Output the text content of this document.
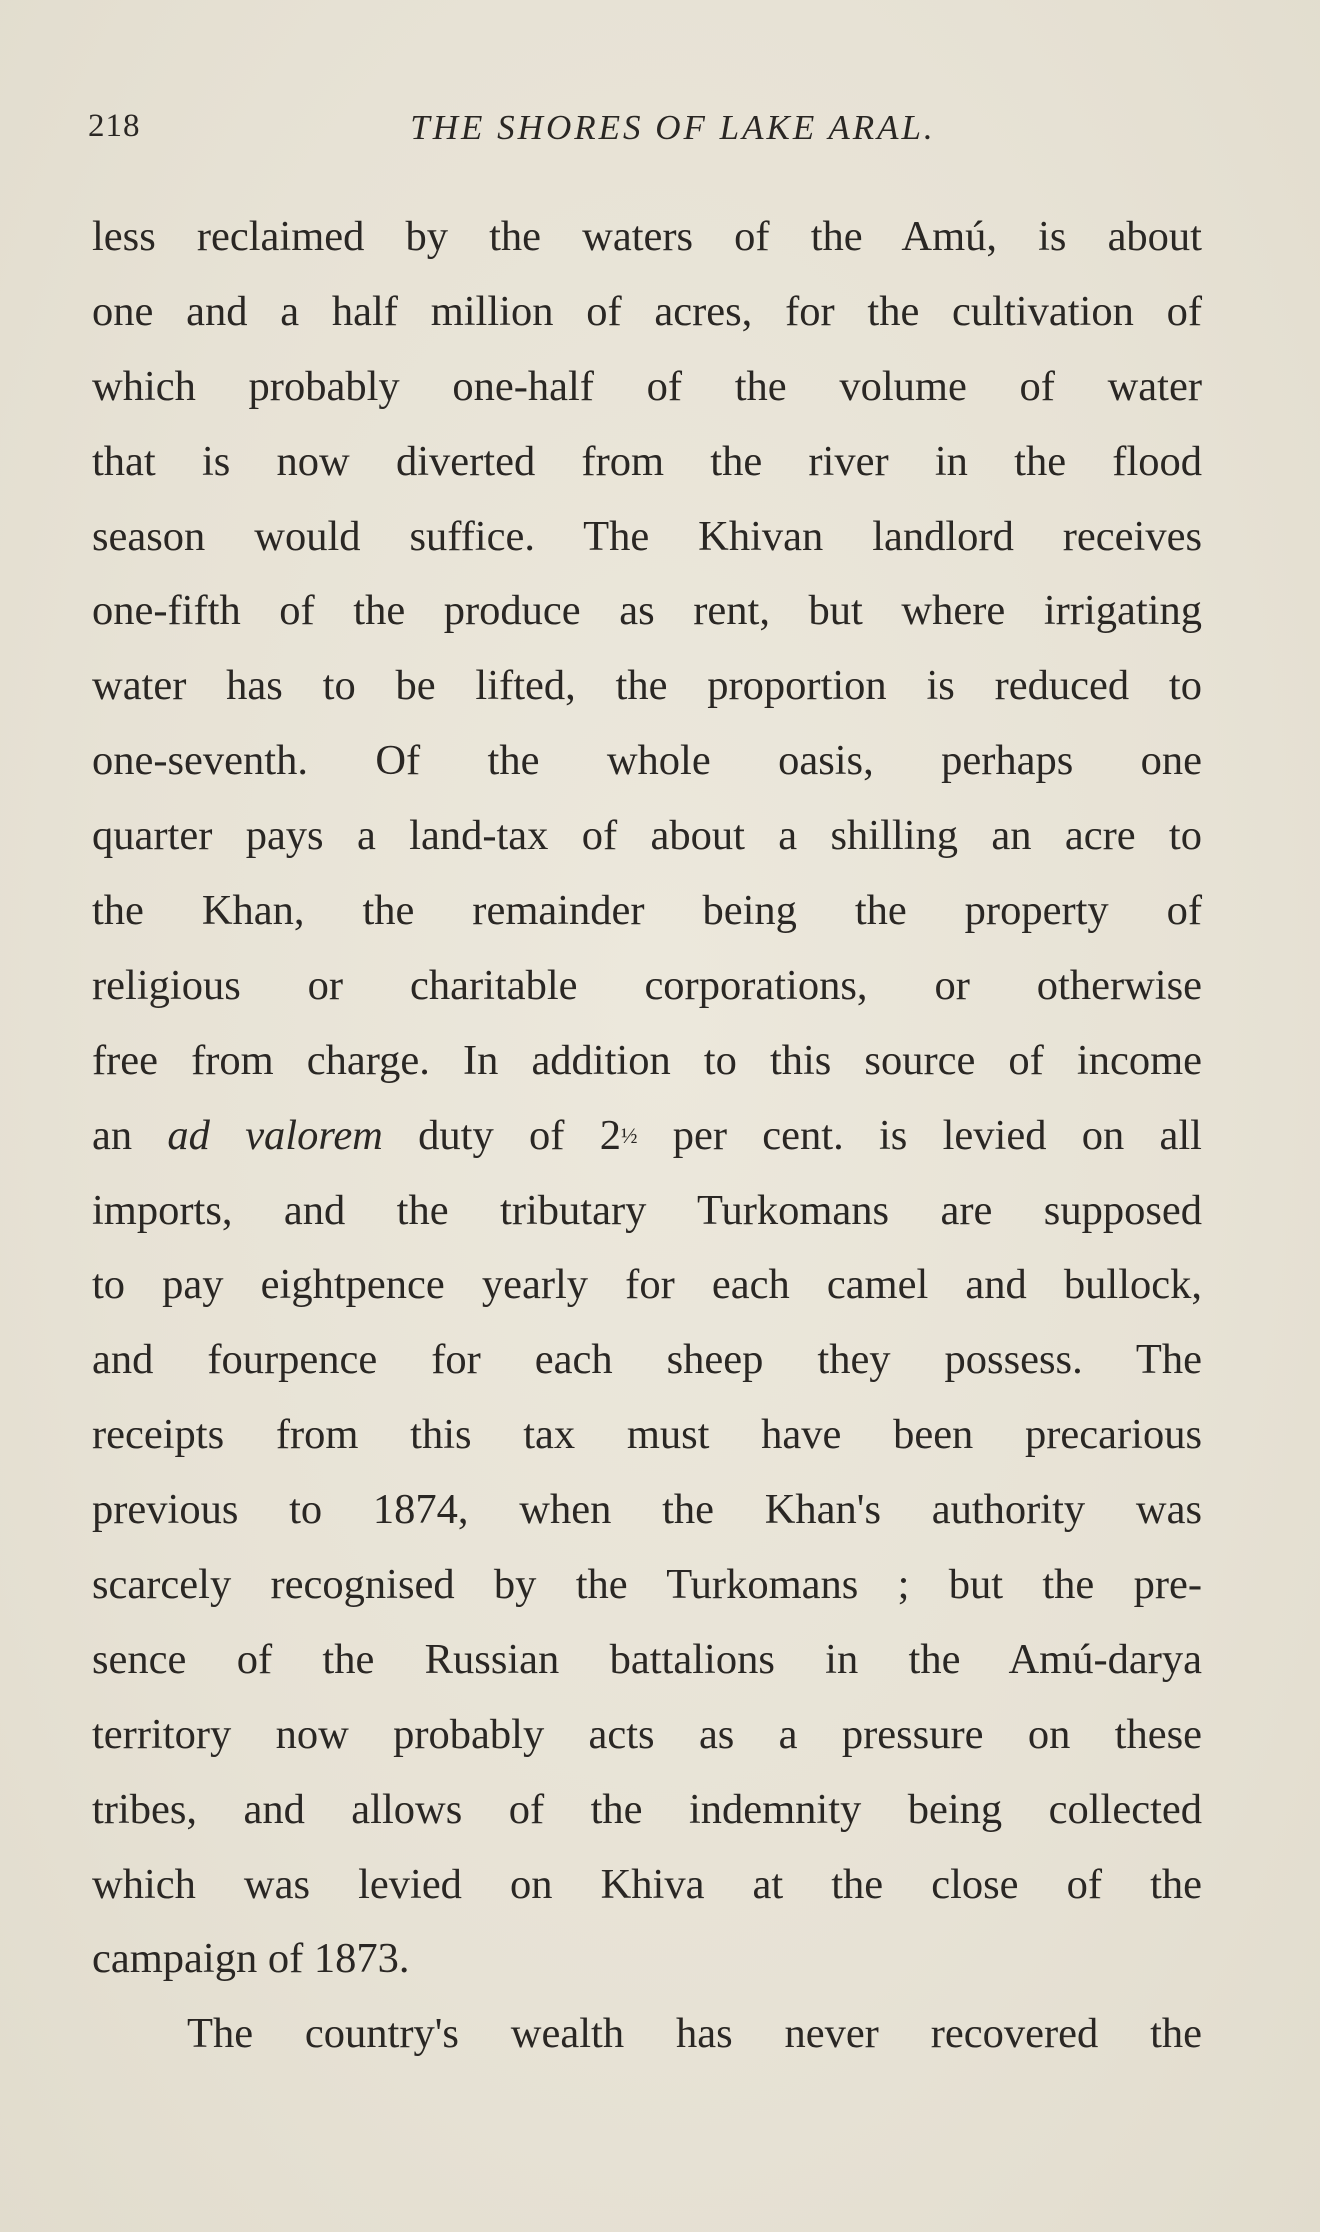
218	THE SHORES OF LAKE ARAL.
less reclaimed by the waters of the Amú, is about
one and a half million of acres, for the cultivation of
which probably one-half of the volume of water
that is now diverted from the river in the flood
season would suffice. The Khivan landlord receives
one-fifth of the produce as rent, but where irrigating
water has to be lifted, the proportion is reduced to
one-seventh. Of the whole oasis, perhaps one
quarter pays a land-tax of about a shilling an acre to
the Khan, the remainder being the property of
religious or charitable corporations, or otherwise
free from charge. In addition to this source of income
an ad valorem duty of 2½ per cent. is levied on all
imports, and the tributary Turkomans are supposed
to pay eightpence yearly for each camel and bullock,
and fourpence for each sheep they possess. The
receipts from this tax must have been precarious
previous to 1874, when the Khan's authority was
scarcely recognised by the Turkomans ; but the pre-
sence of the Russian battalions in the Amú-darya
territory now probably acts as a pressure on these
tribes, and allows of the indemnity being collected
which was levied on Khiva at the close of the
campaign of 1873.
The country's wealth has never recovered the
